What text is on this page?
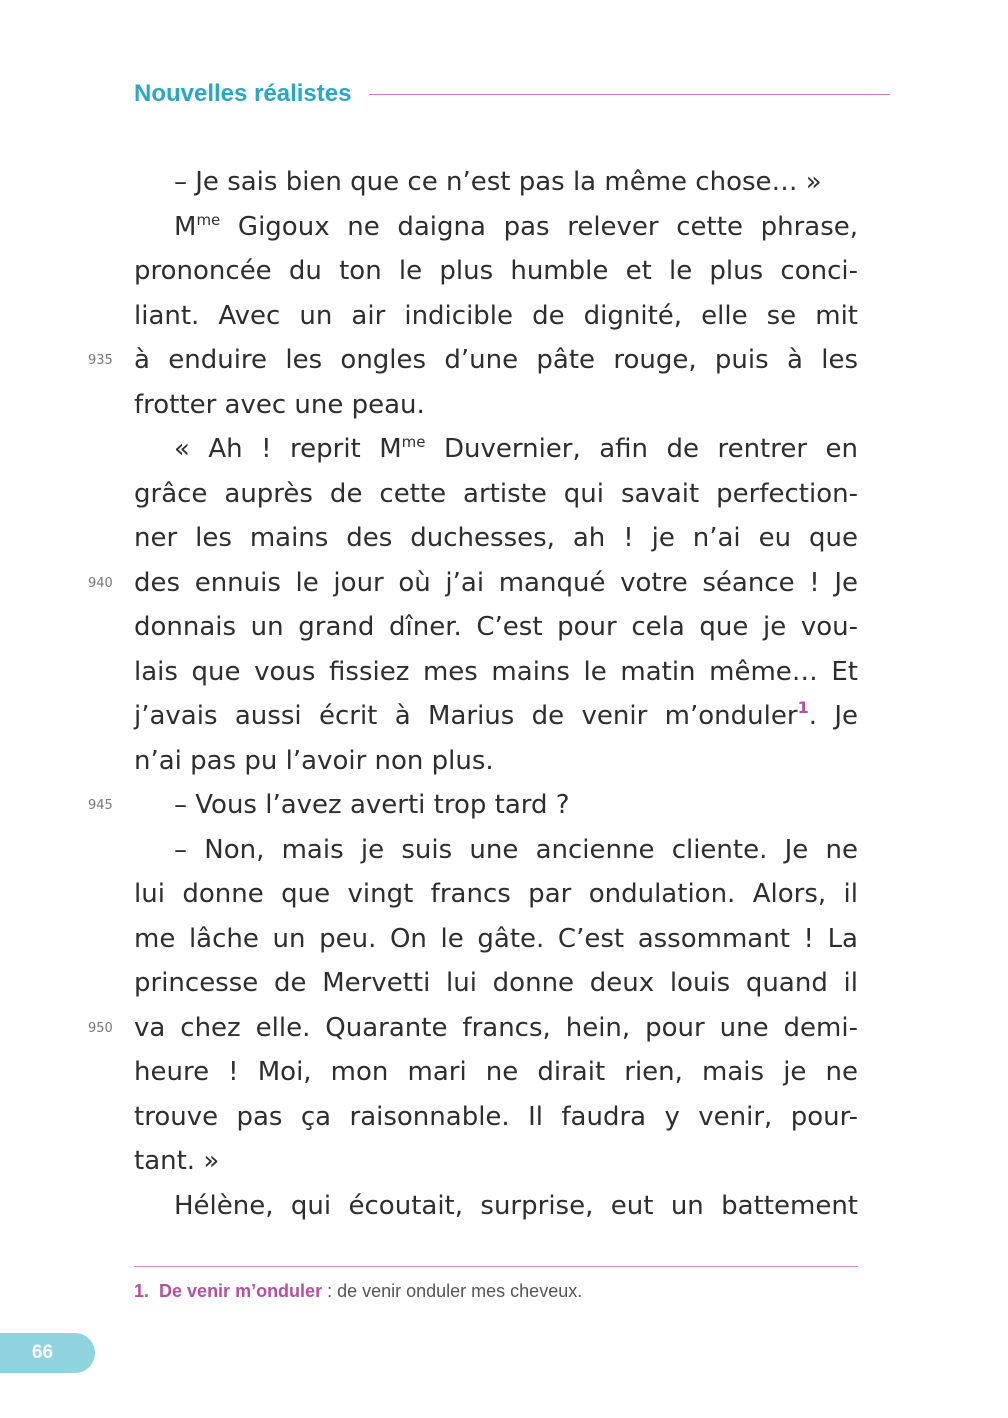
Nouvelles réalistes
– Je sais bien que ce n’est pas la même chose… »
$M^{me}$ Gigoux ne daigna pas relever cette phrase,
prononcée du ton le plus humble et le plus conci-
liant. Avec un air indicible de dignité, elle se mit
à enduire les ongles d’une pâte rouge, puis à les
frotter avec une peau.
« Ah ! reprit $M^{me}$ Duvernier, afin de rentrer en
grâce auprès de cette artiste qui savait perfection-
ner les mains des duchesses, ah ! je n’ai eu que
des ennuis le jour où j’ai manqué votre séance ! Je
donnais un grand dîner. C’est pour cela que je vou-
lais que vous fissiez mes mains le matin même… Et
j’avais aussi écrit à Marius de venir m’onduler$^1$. Je
n’ai pas pu l’avoir non plus.
– Vous l’avez averti trop tard ?
– Non, mais je suis une ancienne cliente. Je ne
lui donne que vingt francs par ondulation. Alors, il
me lâche un peu. On le gâte. C’est assommant ! La
princesse de Mervetti lui donne deux louis quand il
va chez elle. Quarante francs, hein, pour une demi-
heure ! Moi, mon mari ne dirait rien, mais je ne
trouve pas ça raisonnable. Il faudra y venir, pour-
tant. »
Hélène, qui écoutait, surprise, eut un battement
935
940
945
950
1. De venir m’onduler : de venir onduler mes cheveux.
66
